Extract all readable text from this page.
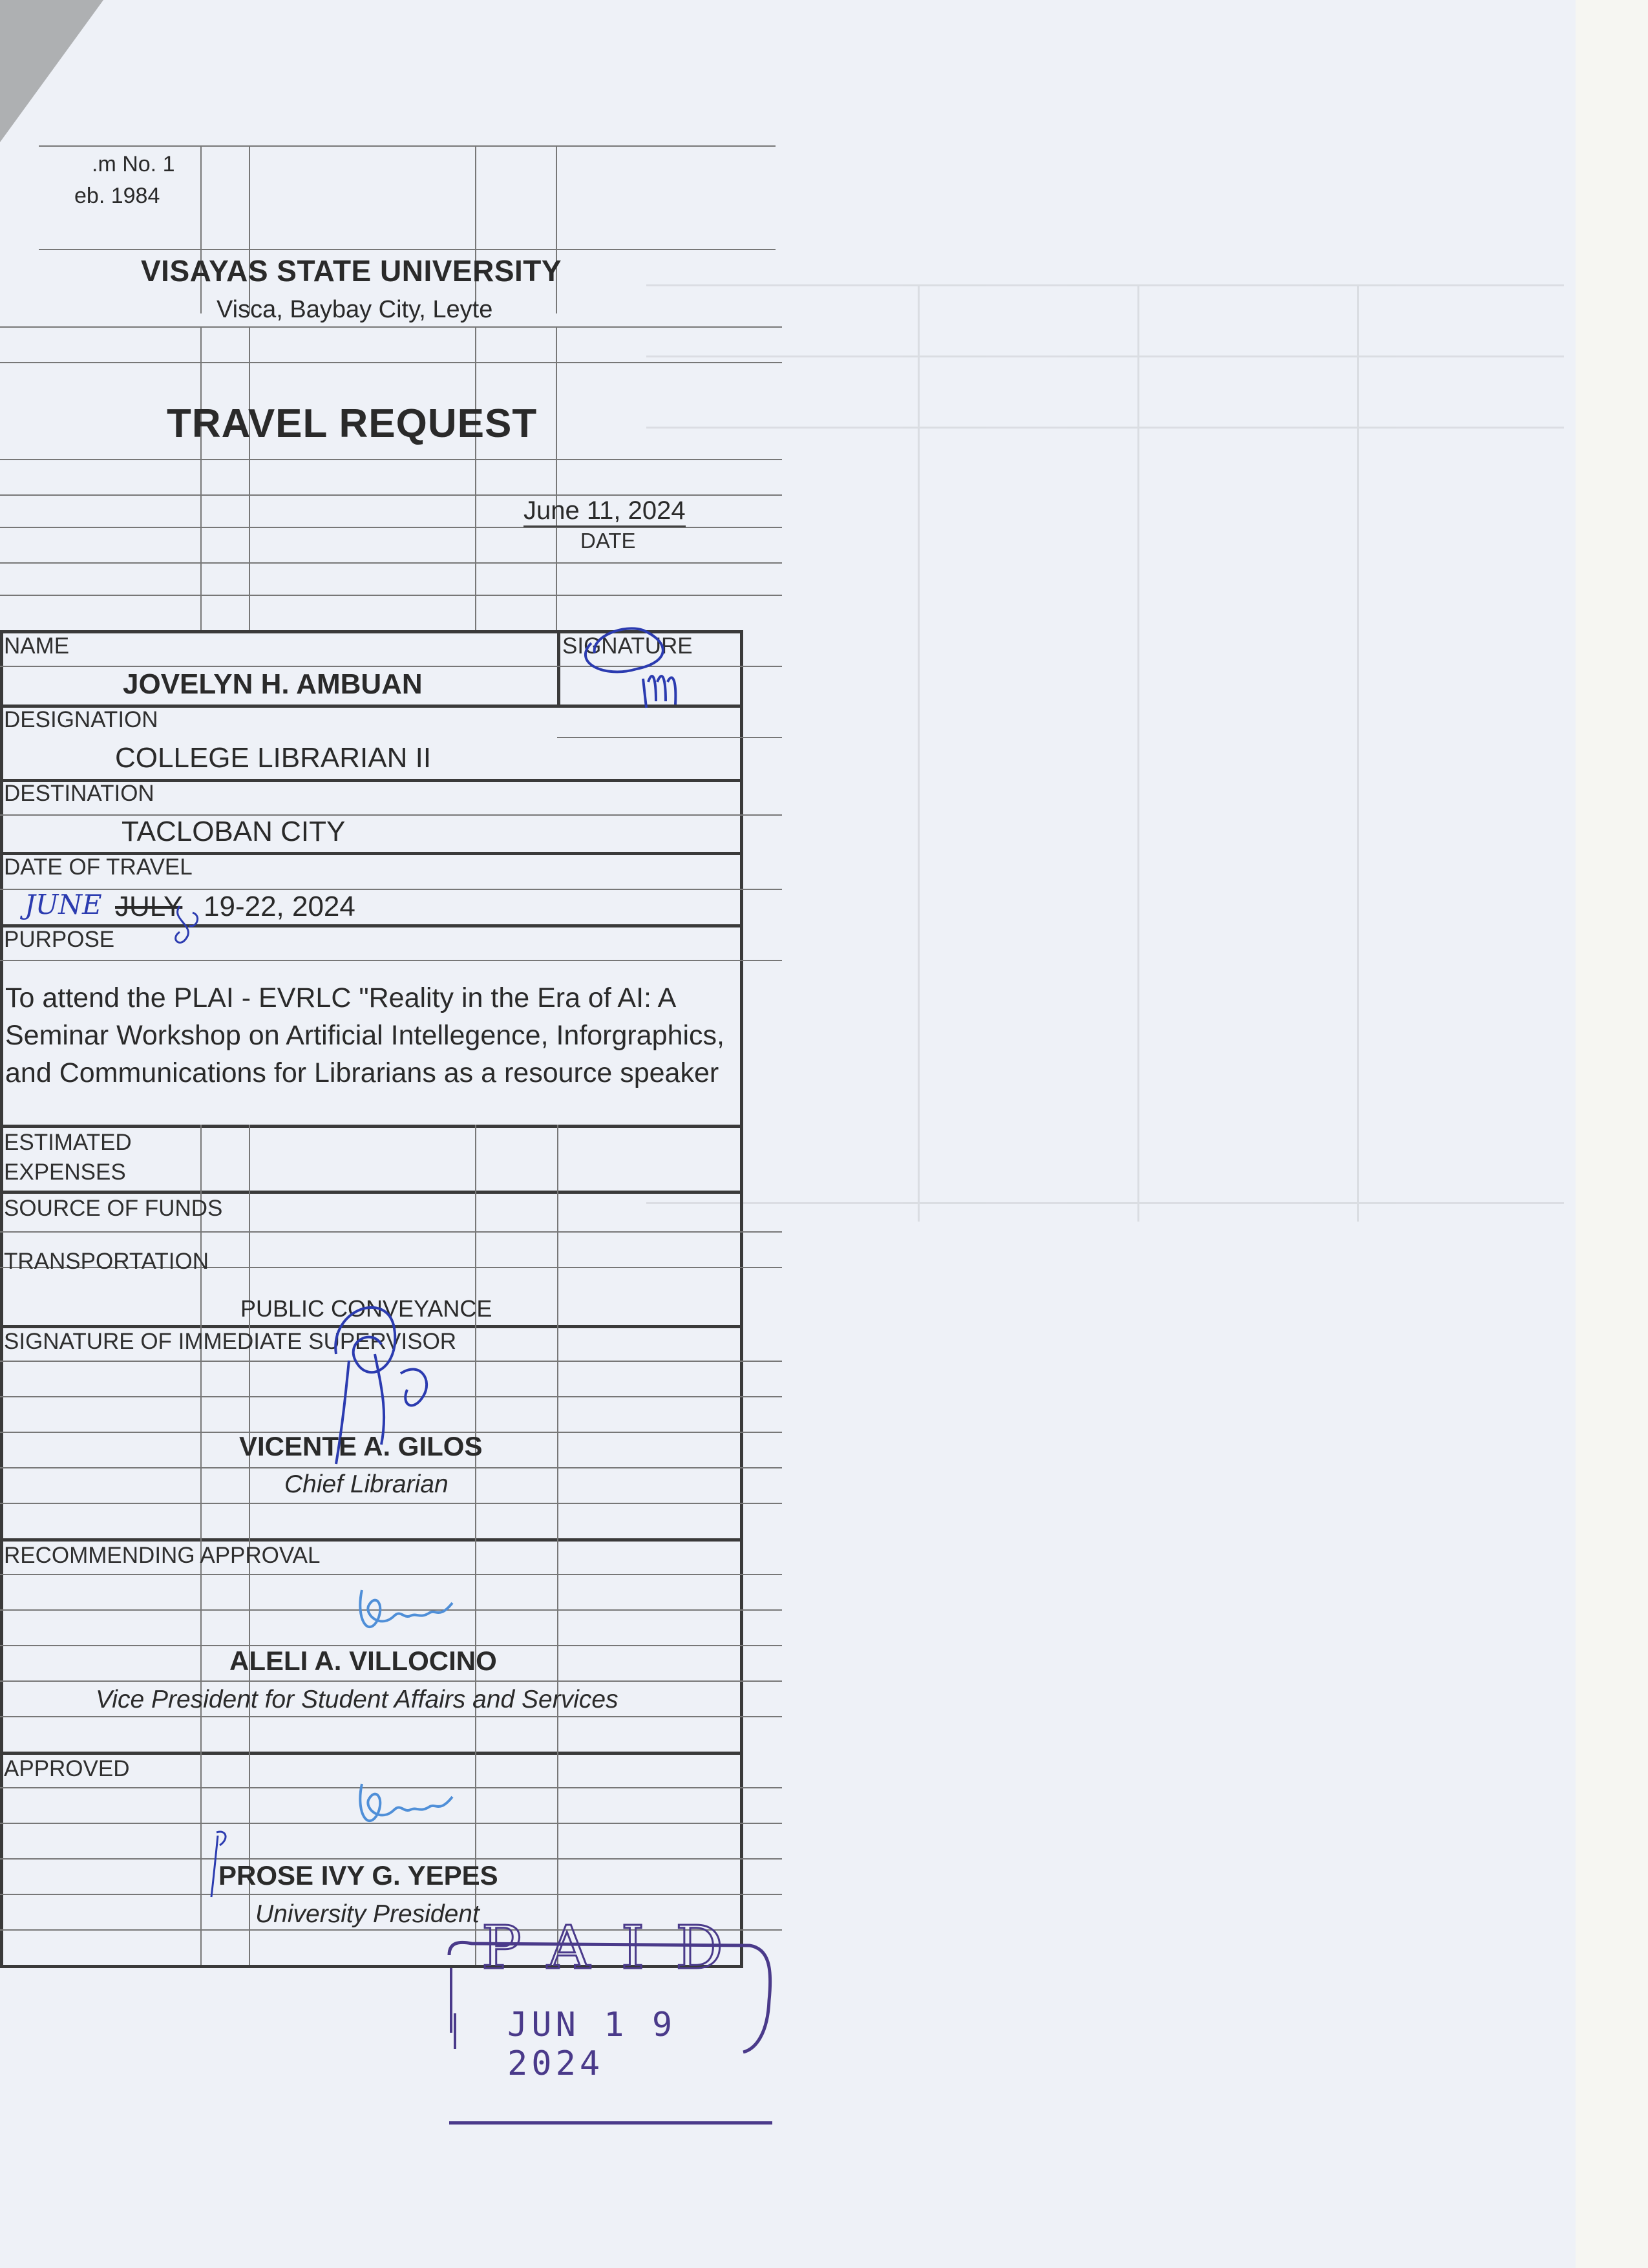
.m No. 1
eb. 1984
VISAYAS STATE UNIVERSITY
Visca, Baybay City, Leyte
TRAVEL REQUEST
June 11, 2024
DATE
NAME	SIGNATURE
JOVELYN H. AMBUAN
DESIGNATION
COLLEGE LIBRARIAN II
DESTINATION
TACLOBAN CITY
DATE OF TRAVEL
JUNE JULY 19-22, 2024
PURPOSE
To attend the PLAI - EVRLC "Reality in the Era of AI: A Seminar Workshop on Artificial Intellegence, Inforgraphics, and Communications for Librarians as a resource speaker
ESTIMATED
EXPENSES
SOURCE OF FUNDS
TRANSPORTATION
PUBLIC CONVEYANCE
SIGNATURE OF IMMEDIATE SUPERVISOR
VICENTE A. GILOS
Chief Librarian
RECOMMENDING APPROVAL
ALELI A. VILLOCINO
Vice President for Student Affairs and Services
APPROVED
PROSE IVY G. YEPES
University President PAID
JUN 1 9 2024
